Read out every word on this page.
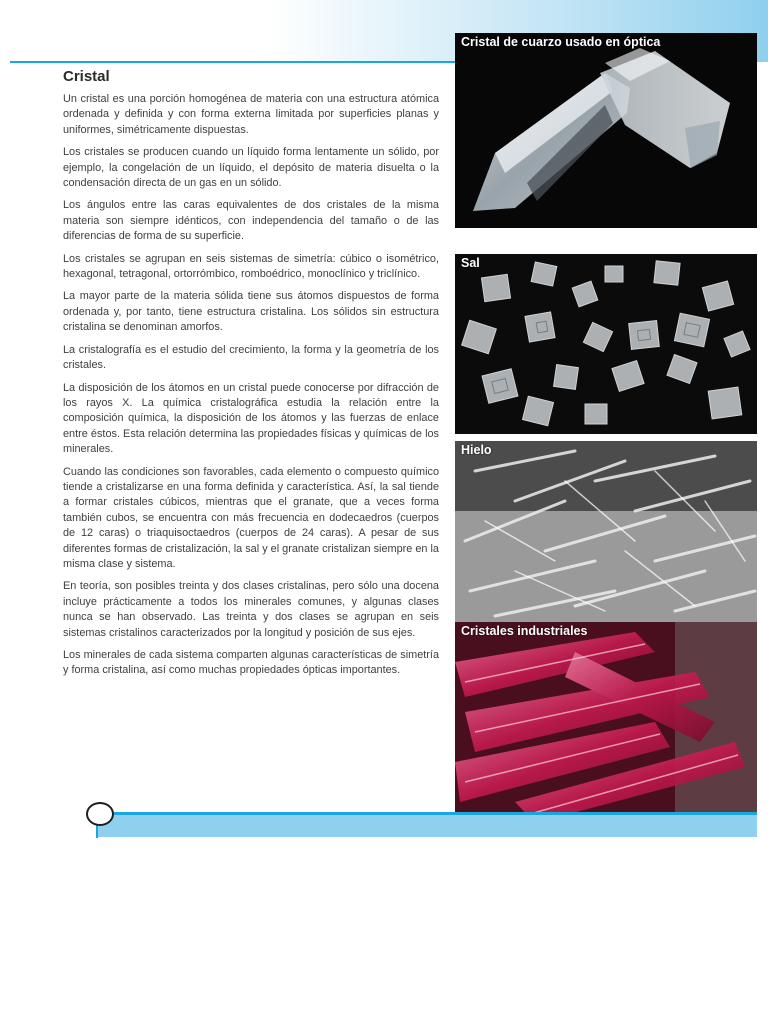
Cristal

Un cristal es una porción homogénea de materia con una estructura atómica ordenada y definida y con forma externa limitada por superficies planas y uniformes, simétricamente dispuestas.

Los cristales se producen cuando un líquido forma lentamente un sólido, por ejemplo, la congelación de un líquido, el depósito de materia disuelta o la condensación directa de un gas en un sólido.

Los ángulos entre las caras equivalentes de dos cristales de la misma materia son siempre idénticos, con independencia del tamaño o de las diferencias de forma de su superficie.

Los cristales se agrupan en seis sistemas de simetría: cúbico o isométrico, hexagonal, tetragonal, ortorrómbico, romboédrico, monoclínico y triclínico.

La mayor parte de la materia sólida tiene sus átomos dispuestos de forma ordenada y, por tanto, tiene estructura cristalina. Los sólidos sin estructura cristalina se denominan amorfos.

La cristalografía es el estudio del crecimiento, la forma y la geometría de los cristales.

La disposición de los átomos en un cristal puede conocerse por difracción de los rayos X. La química cristalográfica estudia la relación entre la composición química, la disposición de los átomos y las fuerzas de enlace entre éstos. Esta relación determina las propiedades físicas y químicas de los minerales.

Cuando las condiciones son favorables, cada elemento o compuesto químico tiende a cristalizarse en una forma definida y característica. Así, la sal tiende a formar cristales cúbicos, mientras que el granate, que a veces forma también cubos, se encuentra con más frecuencia en dodecaedros (cuerpos de 12 caras) o triaquisoctaedros (cuerpos de 24 caras). A pesar de sus diferentes formas de cristalización, la sal y el granate cristalizan siempre en la misma clase y sistema.

En teoría, son posibles treinta y dos clases cristalinas, pero sólo una docena incluye prácticamente a todos los minerales comunes, y algunas clases nunca se han observado. Las treinta y dos clases se agrupan en seis sistemas cristalinos caracterizados por la longitud y posición de sus ejes.

Los minerales de cada sistema comparten algunas características de simetría y forma cristalina, así como muchas propiedades ópticas importantes.

Cristal de cuarzo usado en óptica
Sal
Hielo
Cristales industriales
